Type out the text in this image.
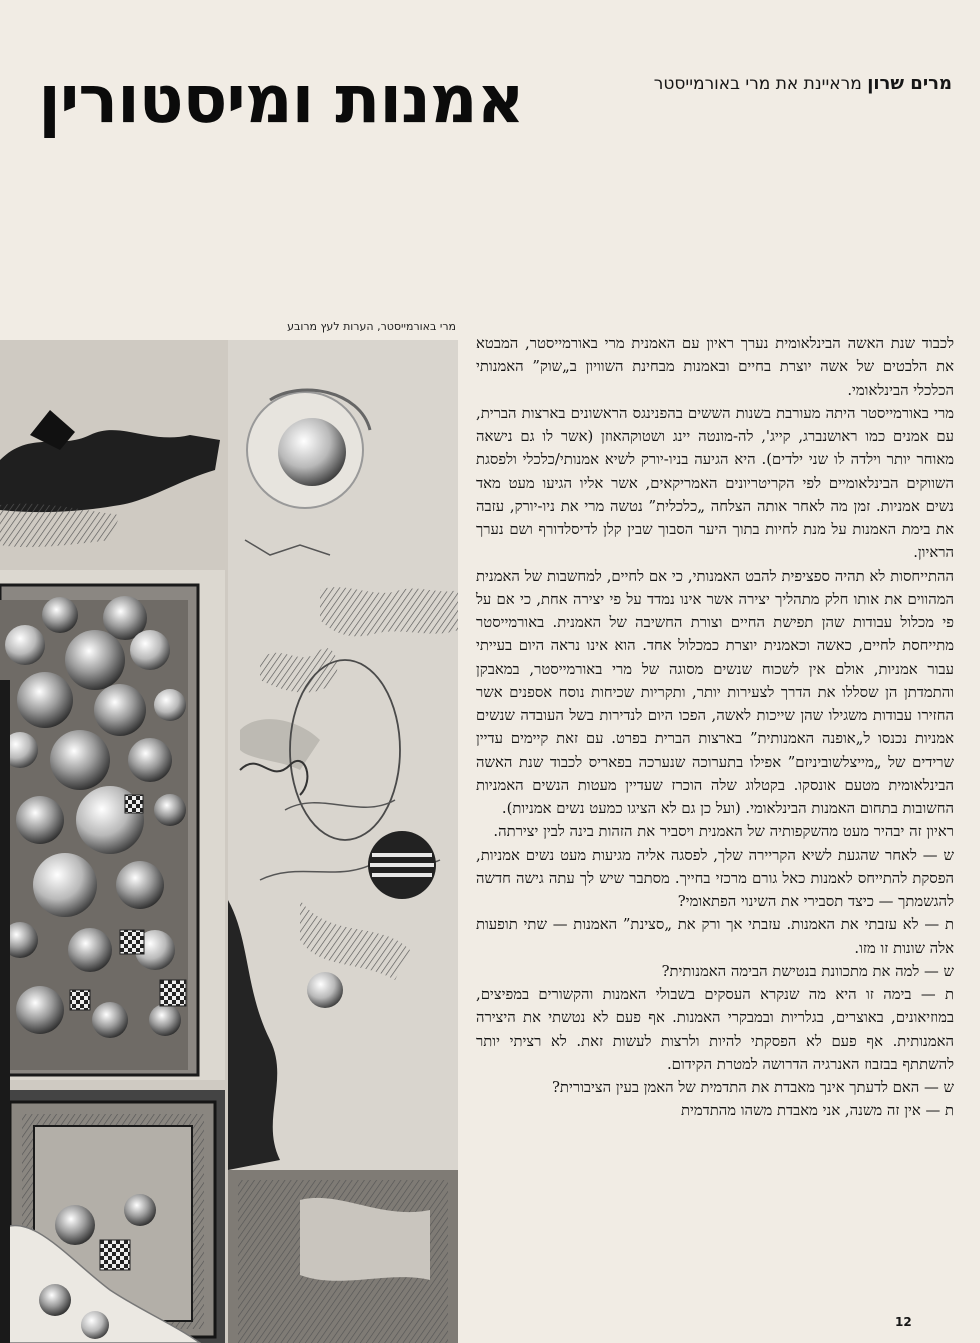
אמנות ומיסטורין	מרים שרון מראיינת את מרי באורמייסטר
מרי באורמייסטר, הערות לעץ מרובע

לכבוד שנת האשה הבינלאומית נערך ראיון עם האמנית מרי באורמייסטר, המבטא את הלבטים של אשה יוצרת בחיים ובאמנות מבחינת השוויון ב„שוק” האמנותי הכלכלי הבינלאומי.

מרי באורמייסטר היתה מעורבת בשנות הששים בהפנינגס הראשונים בארצות הברית, עם אמנים כמו ראושנברג, קייג', לה-מונטה יינג ושטוקהאוזן (אשר לו גם נישאה מאוחר יותר וילדה לו שני ילדים). היא הגיעה בניו-יורק לשיא אמנותי/כלכלי ולפסגת השווקים הבינלאומיים לפי הקריטריונים האמריקאים, אשר אליו הגיעו מעט מאד נשים אמניות. זמן מה לאחר אותה הצלחה „כלכלית” נטשה מרי את ניו-יורק, עזבה את בימת האמנות על מנת לחיות בתוך היער הסבוך שבין קלן לדיסלדורף ושם נערך הראיון.

ההתייחסות לא תהיה ספציפית להבט האמנותי, כי אם לחיים, למחשבות של האמנית המהווים את אותו חלק מתהליך יצירה אשר אינו נמדד על פי יצירה אחת, כי אם על פי מכלול עבודות שהן תפישת החיים וצורת החשיבה של האמנית. באורמייסטר מתייחסת לחיים, כאשה וכאמנית יוצרת כמכלול אחד. הוא אינו נראה היום בעייתי עבור אמניות, אולם אין לשכוח שנשים מסוגה של מרי באורמייסטר, במאבקן והתמדתן הן שסללו את הדרך לצעירות יותר, ותקריות שכיחות נוסח אספנים אשר החזירו עבודות משגילו שהן שייכות לאשה, הפכו היום לנדירות בשל העובדה שנשים אמניות נכנסו ל„אופנה האמנותית” בארצות הברית בפרט. עם זאת קיימים עדיין שרידים של „מייצלשוביניזם” אפילו בתערוכה שנערכה בפאריס לכבוד שנת האשה הבינלאומית מטעם אונסקו. בקטלוג שלה הוכרז שעדיין מעטות הנשים האמניות החשובות בתחום האמנות הבינלאומי. (ועל כן גם לא הציגו כמעט נשים אמניות).

ראיון זה יבהיר מעט מהשקפותיה של האמנית ויסביר את הזהות בינה לבין יצירתה.

ש — לאחר שהגעת לשיא הקריירה שלך, לפסגה אליה מגיעות מעט נשים אמניות, הפסקת להתייחס לאמנות כאל גורם מרכזי בחייך. מסתבר שיש לך עתה גישה חדשה להגשמתך — כיצד תסבירי את השינוי הפתאומי?

ת — לא עזבתי את האמנות. עזבתי אך ורק את „סצינת” האמנות — שתי תופעות אלה שונות זו מזו.

ש — למה את מתכוונת בנטישת הבימה האמנותית?

ת — בימה זו היא מה שנקרא העסקים בשבולי האמנות והקשורים במפיצים, במוזיאונים, באוצרים, בגלריות ובמבקרי האמנות. אף פעם לא נטשתי את היצירה האמנותית. אף פעם לא הפסקתי להיות ולרצות לעשות זאת. לא רציתי יותר להשתתף בבזבוז האנרגיה הדרושה למטרת הקידום.

ש — האם לדעתך אינך מאבדת את התדמית של האמן בעין הציבורית?

ת — אין זה משנה, אני מאבדת משהו מהתדמית

12
